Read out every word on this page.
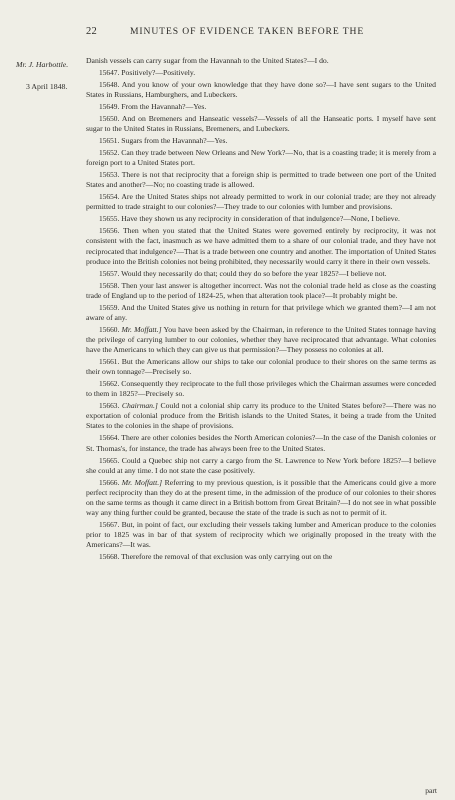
22	MINUTES OF EVIDENCE TAKEN BEFORE THE
Mr. J. Harbottle.
3 April 1848.

Danish vessels can carry sugar from the Havannah to the United States?—I do.

15647. Positively?—Positively.

15648. And you know of your own knowledge that they have done so?—I have sent sugars to the United States in Russians, Hamburghers, and Lubeckers.

15649. From the Havannah?—Yes.

15650. And on Bremeners and Hanseatic vessels?—Vessels of all the Hanseatic ports. I myself have sent sugar to the United States in Russians, Bremeners, and Lubeckers.

15651. Sugars from the Havannah?—Yes.

15652. Can they trade between New Orleans and New York?—No, that is a coasting trade; it is merely from a foreign port to a United States port.

15653. There is not that reciprocity that a foreign ship is permitted to trade between one port of the United States and another?—No; no coasting trade is allowed.

15654. Are the United States ships not already permitted to work in our colonial trade; are they not already permitted to trade straight to our colonies?—They trade to our colonies with lumber and provisions.

15655. Have they shown us any reciprocity in consideration of that indulgence?—None, I believe.

15656. Then when you stated that the United States were governed entirely by reciprocity, it was not consistent with the fact, inasmuch as we have admitted them to a share of our colonial trade, and they have not reciprocated that indulgence?—That is a trade between one country and another. The importation of United States produce into the British colonies not being prohibited, they necessarily would carry it there in their own vessels.

15657. Would they necessarily do that; could they do so before the year 1825?—I believe not.

15658. Then your last answer is altogether incorrect. Was not the colonial trade held as close as the coasting trade of England up to the period of 1824-25, when that alteration took place?—It probably might be.

15659. And the United States give us nothing in return for that privilege which we granted them?—I am not aware of any.

15660. Mr. Moffatt.] You have been asked by the Chairman, in reference to the United States tonnage having the privilege of carrying lumber to our colonies, whether they have reciprocated that advantage. What colonies have the Americans to which they can give us that permission?—They possess no colonies at all.

15661. But the Americans allow our ships to take our colonial produce to their shores on the same terms as their own tonnage?—Precisely so.

15662. Consequently they reciprocate to the full those privileges which the Chairman assumes were conceded to them in 1825?—Precisely so.

15663. Chairman.] Could not a colonial ship carry its produce to the United States before?—There was no exportation of colonial produce from the British islands to the United States, it being a trade from the United States to the colonies in the shape of provisions.

15664. There are other colonies besides the North American colonies?—In the case of the Danish colonies or St. Thomas's, for instance, the trade has always been free to the United States.

15665. Could a Quebec ship not carry a cargo from the St. Lawrence to New York before 1825?—I believe she could at any time. I do not state the case positively.

15666. Mr. Moffatt.] Referring to my previous question, is it possible that the Americans could give a more perfect reciprocity than they do at the present time, in the admission of the produce of our colonies to their shores on the same terms as though it came direct in a British bottom from Great Britain?—I do not see in what possible way any thing further could be granted, because the state of the trade is such as not to permit of it.

15667. But, in point of fact, our excluding their vessels taking lumber and American produce to the colonies prior to 1825 was in bar of that system of reciprocity which we originally proposed in the treaty with the Americans?—It was.

15668. Therefore the removal of that exclusion was only carrying out on the

part
